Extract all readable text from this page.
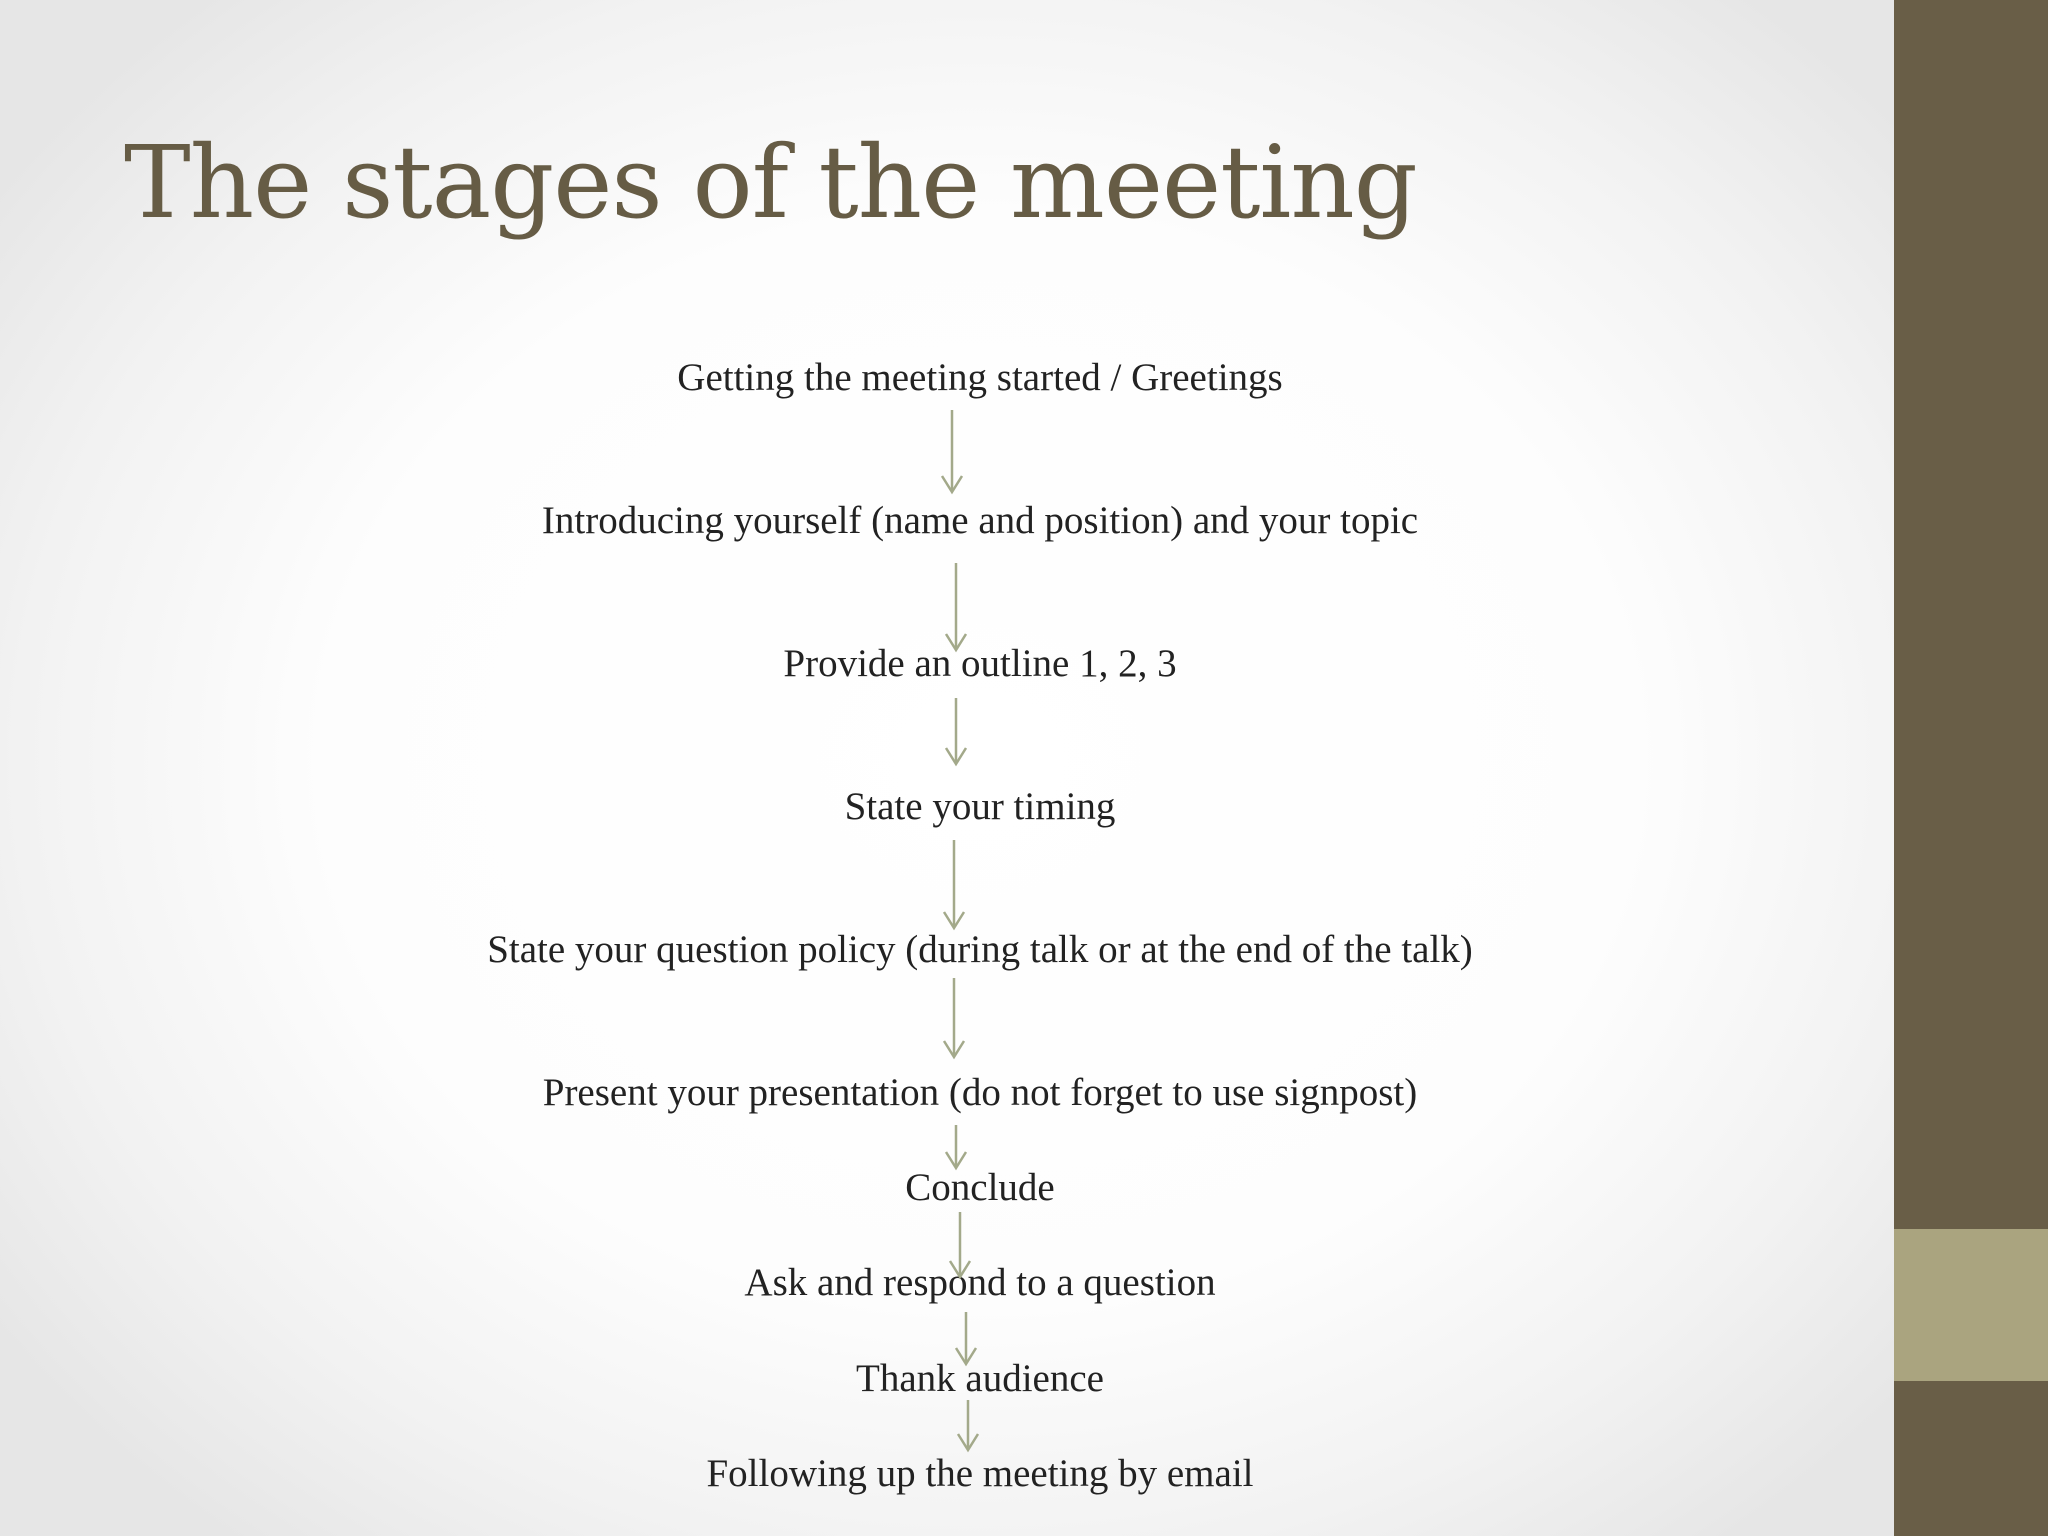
The stages of the meeting

Getting the meeting started / Greetings

Introducing yourself (name and position) and your topic

Provide an outline 1, 2, 3

State your timing

State your question policy (during talk or at the end of the talk)

Present your presentation (do not forget to use signpost)

Conclude

Ask and respond to a question

Thank audience

Following up the meeting by email
